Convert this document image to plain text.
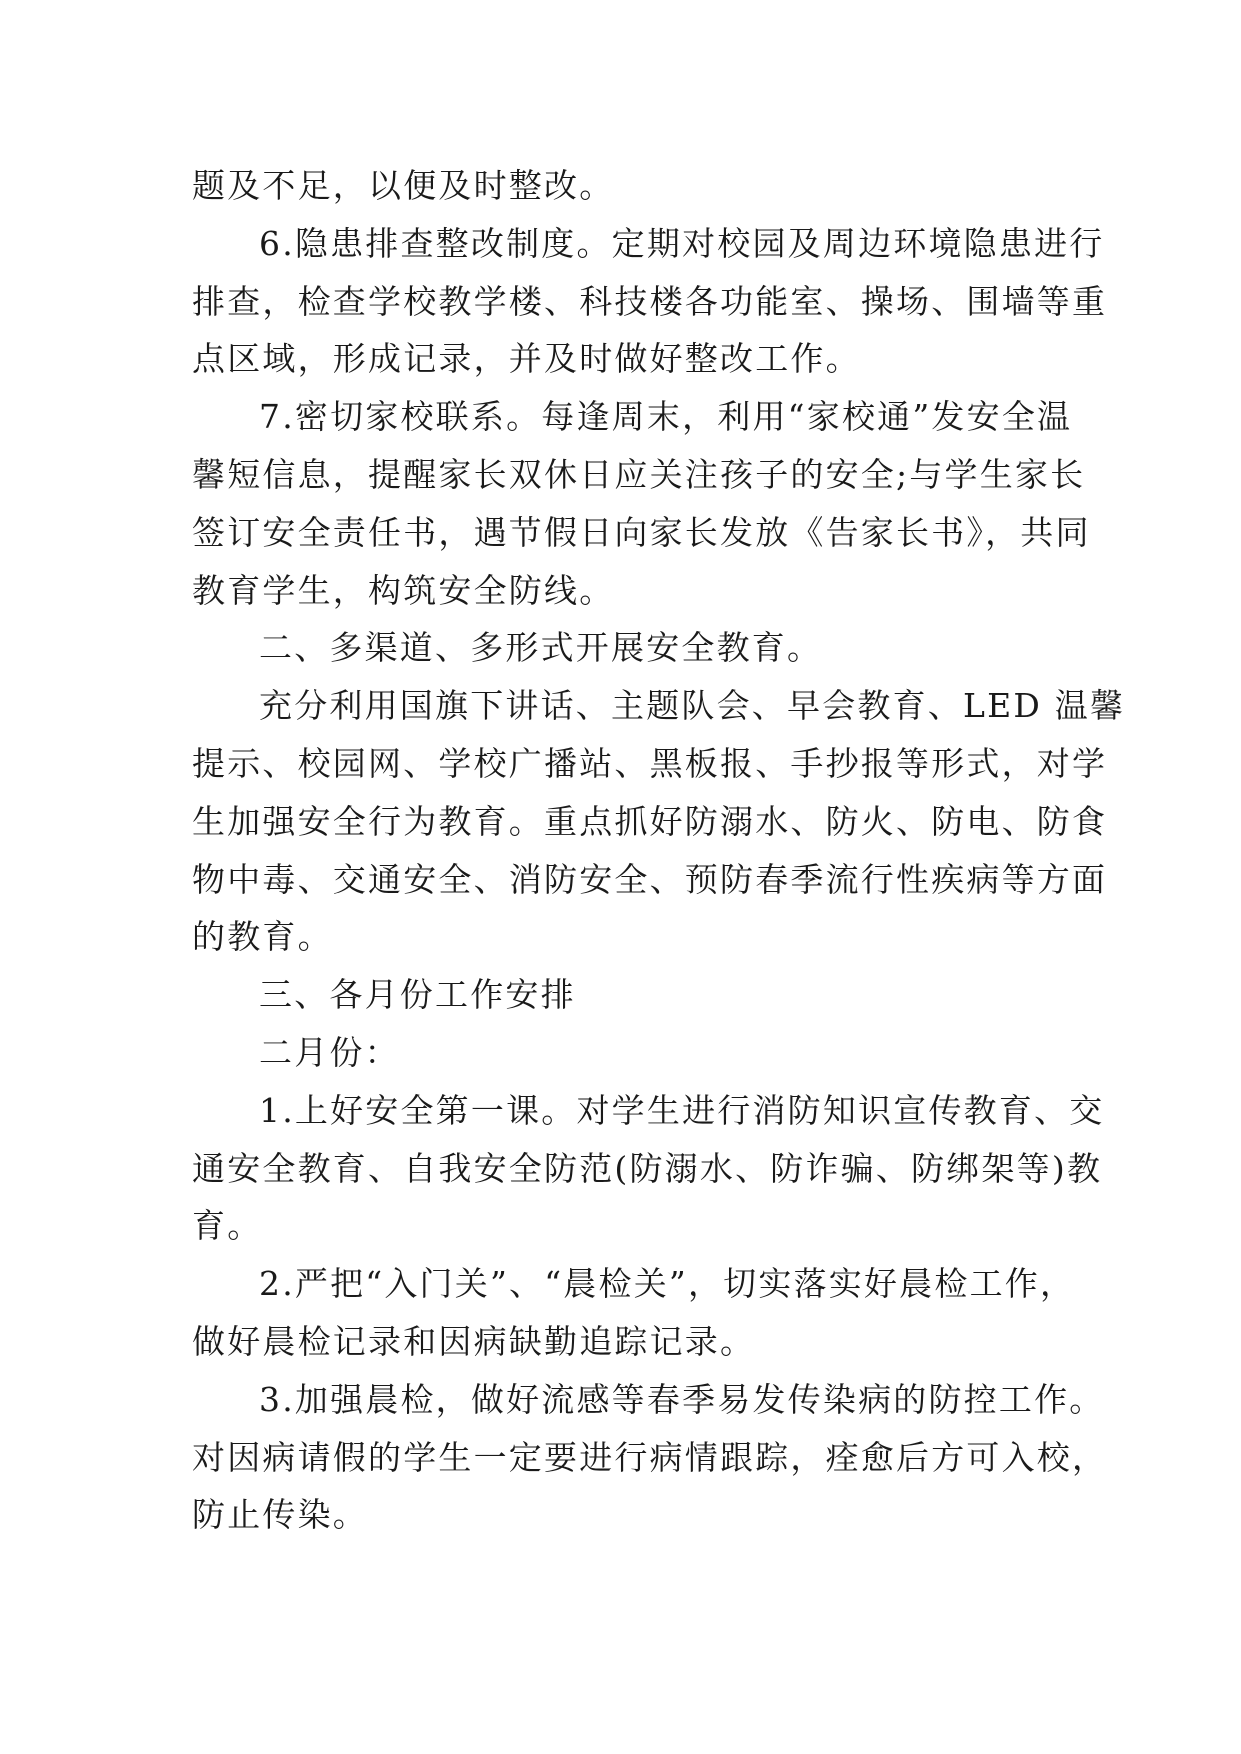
题及不足，以便及时整改。
6.隐患排查整改制度。定期对校园及周边环境隐患进行
排查，检查学校教学楼、科技楼各功能室、操场、围墙等重
点区域，形成记录，并及时做好整改工作。
7.密切家校联系。每逢周末，利用“家校通”发安全温
馨短信息，提醒家长双休日应关注孩子的安全;与学生家长
签订安全责任书，遇节假日向家长发放《告家长书》，共同
教育学生，构筑安全防线。
二、多渠道、多形式开展安全教育。
充分利用国旗下讲话、主题队会、早会教育、LED 温馨
提示、校园网、学校广播站、黑板报、手抄报等形式，对学
生加强安全行为教育。重点抓好防溺水、防火、防电、防食
物中毒、交通安全、消防安全、预防春季流行性疾病等方面
的教育。
三、各月份工作安排
二月份：
1.上好安全第一课。对学生进行消防知识宣传教育、交
通安全教育、自我安全防范(防溺水、防诈骗、防绑架等)教
育。
2.严把“入门关”、“晨检关”，切实落实好晨检工作，
做好晨检记录和因病缺勤追踪记录。
3.加强晨检，做好流感等春季易发传染病的防控工作。
对因病请假的学生一定要进行病情跟踪，痊愈后方可入校，
防止传染。
